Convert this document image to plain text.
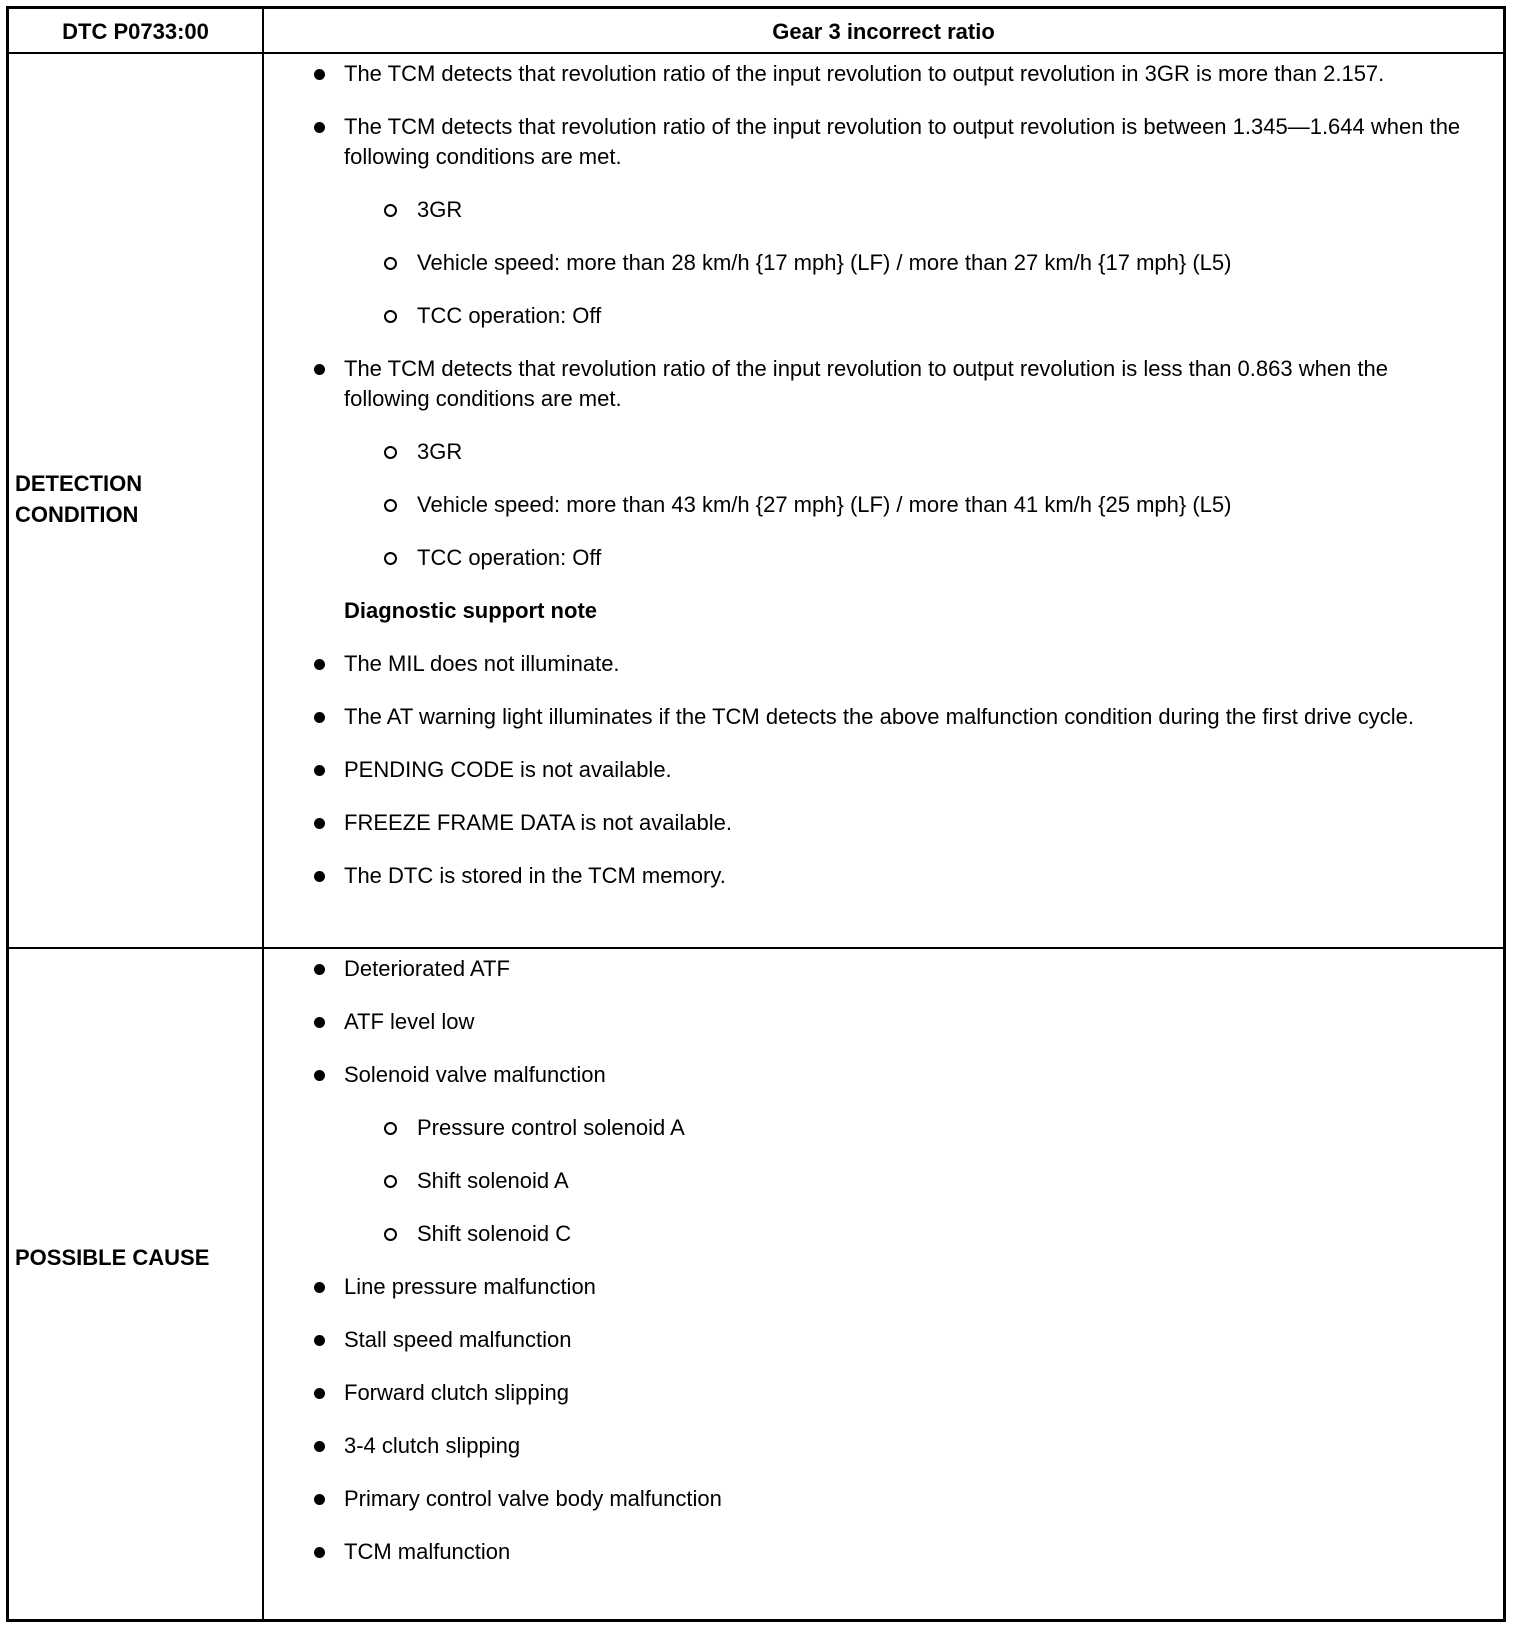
DTC P0733:00	Gear 3 incorrect ratio
DETECTION
CONDITION
The TCM detects that revolution ratio of the input revolution to output revolution in 3GR is more than 2.157.
The TCM detects that revolution ratio of the input revolution to output revolution is between 1.345—1.644 when the following conditions are met.
3GR
Vehicle speed: more than 28 km/h {17 mph} (LF) / more than 27 km/h {17 mph} (L5)
TCC operation: Off
The TCM detects that revolution ratio of the input revolution to output revolution is less than 0.863 when the following conditions are met.
3GR
Vehicle speed: more than 43 km/h {27 mph} (LF) / more than 41 km/h {25 mph} (L5)
TCC operation: Off
Diagnostic support note
The MIL does not illuminate.
The AT warning light illuminates if the TCM detects the above malfunction condition during the first drive cycle.
PENDING CODE is not available.
FREEZE FRAME DATA is not available.
The DTC is stored in the TCM memory.
POSSIBLE CAUSE
Deteriorated ATF
ATF level low
Solenoid valve malfunction
Pressure control solenoid A
Shift solenoid A
Shift solenoid C
Line pressure malfunction
Stall speed malfunction
Forward clutch slipping
3-4 clutch slipping
Primary control valve body malfunction
TCM malfunction
